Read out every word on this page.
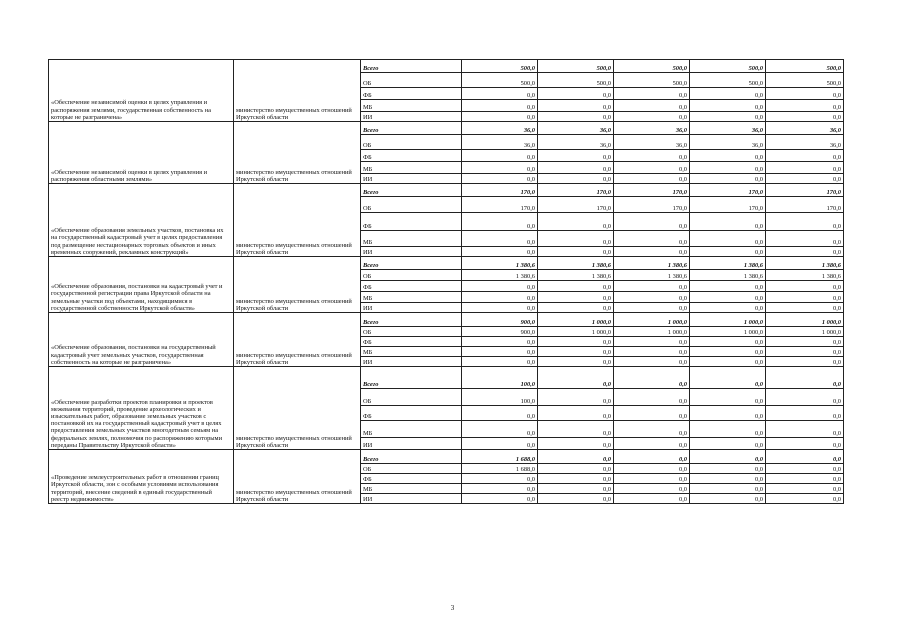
«Обеспечение независимой оценки в целях управления и распоряжения землями, государственная собственность на которые не разграничена»	министерство имущественных отношений Иркутской области	Всего	500,0	500,0	500,0	500,0	500,0
		ОБ	500,0	500,0	500,0	500,0	500,0
		ФБ	0,0	0,0	0,0	0,0	0,0
		МБ	0,0	0,0	0,0	0,0	0,0
		ИИ	0,0	0,0	0,0	0,0	0,0
«Обеспечение независимой оценки в целях управления и распоряжения областными землями»	министерство имущественных отношений Иркутской области	Всего	36,0	36,0	36,0	36,0	36,0
		ОБ	36,0	36,0	36,0	36,0	36,0
		ФБ	0,0	0,0	0,0	0,0	0,0
		МБ	0,0	0,0	0,0	0,0	0,0
		ИИ	0,0	0,0	0,0	0,0	0,0
«Обеспечение образования земельных участков, постановка их на государственный кадастровый учет в целях предоставления под размещение нестационарных торговых объектов и иных временных сооружений, рекламных конструкций»	министерство имущественных отношений Иркутской области	Всего	170,0	170,0	170,0	170,0	170,0
		ОБ	170,0	170,0	170,0	170,0	170,0
		ФБ	0,0	0,0	0,0	0,0	0,0
		МБ	0,0	0,0	0,0	0,0	0,0
		ИИ	0,0	0,0	0,0	0,0	0,0
«Обеспечение образования, постановки на кадастровый учет и государственной регистрации права Иркутской области на земельные участки под объектами, находящимися в государственной собственности Иркутской области»	министерство имущественных отношений Иркутской области	Всего	1 380,6	1 380,6	1 380,6	1 380,6	1 380,6
		ОБ	1 380,6	1 380,6	1 380,6	1 380,6	1 380,6
		ФБ	0,0	0,0	0,0	0,0	0,0
		МБ	0,0	0,0	0,0	0,0	0,0
		ИИ	0,0	0,0	0,0	0,0	0,0
«Обеспечение образования, постановки на государственный кадастровый учет земельных участков, государственная собственность на которые не разграничена»	министерство имущественных отношений Иркутской области	Всего	900,0	1 000,0	1 000,0	1 000,0	1 000,0
		ОБ	900,0	1 000,0	1 000,0	1 000,0	1 000,0
		ФБ	0,0	0,0	0,0	0,0	0,0
		МБ	0,0	0,0	0,0	0,0	0,0
		ИИ	0,0	0,0	0,0	0,0	0,0
«Обеспечение разработки проектов планировки и проектов межевания территорий, проведение археологических и изыскательных работ, образование земельных участков с постановкой их на государственный кадастровый учет в целях предоставления земельных участков многодетным семьям на федеральных землях, полномочия по распоряжению которыми переданы Правительству Иркутской области»	министерство имущественных отношений Иркутской области	Всего	100,0	0,0	0,0	0,0	0,0
		ОБ	100,0	0,0	0,0	0,0	0,0
		ФБ	0,0	0,0	0,0	0,0	0,0
		МБ	0,0	0,0	0,0	0,0	0,0
		ИИ	0,0	0,0	0,0	0,0	0,0
«Проведение землеустроительных работ в отношении границ Иркутской области, зон с особыми условиями использования территорий, внесение сведений в единый государственный реестр недвижимости»	министерство имущественных отношений Иркутской области	Всего	1 688,0	0,0	0,0	0,0	0,0
		ОБ	1 688,0	0,0	0,0	0,0	0,0
		ФБ	0,0	0,0	0,0	0,0	0,0
		МБ	0,0	0,0	0,0	0,0	0,0
		ИИ	0,0	0,0	0,0	0,0	0,0
3
